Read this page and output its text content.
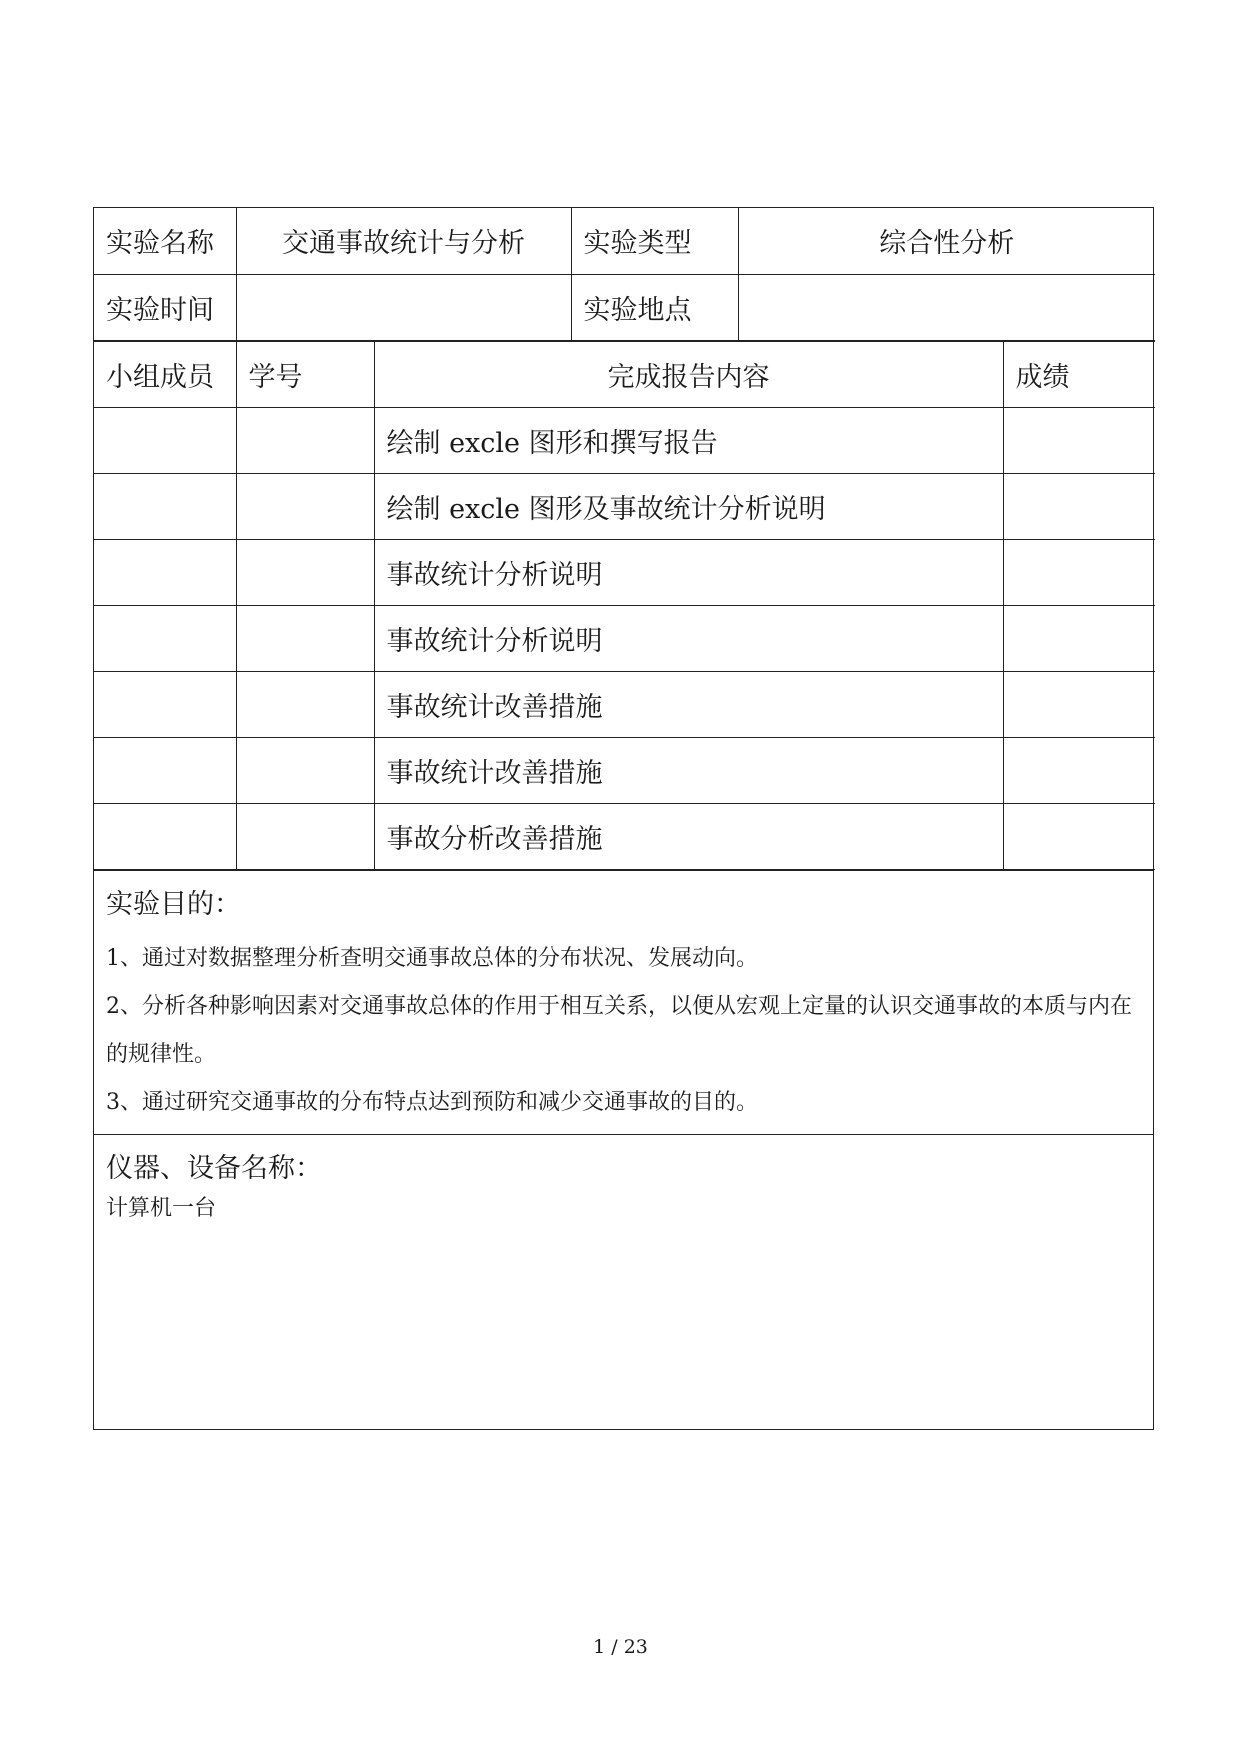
实验名称	交通事故统计与分析	实验类型	综合性分析
实验时间		实验地点	
小组成员	学号	完成报告内容	成绩
		绘制 excle 图形和撰写报告	
		绘制 excle 图形及事故统计分析说明	
		事故统计分析说明	
		事故统计分析说明	
		事故统计改善措施	
		事故统计改善措施	
		事故分析改善措施	
实验目的：

1、通过对数据整理分析查明交通事故总体的分布状况、发展动向。

2、分析各种影响因素对交通事故总体的作用于相互关系，以便从宏观上定量的认识交通事故的本质与内在的规律性。

3、通过研究交通事故的分布特点达到预防和减少交通事故的目的。

仪器、设备名称：

计算机一台

1 / 23
